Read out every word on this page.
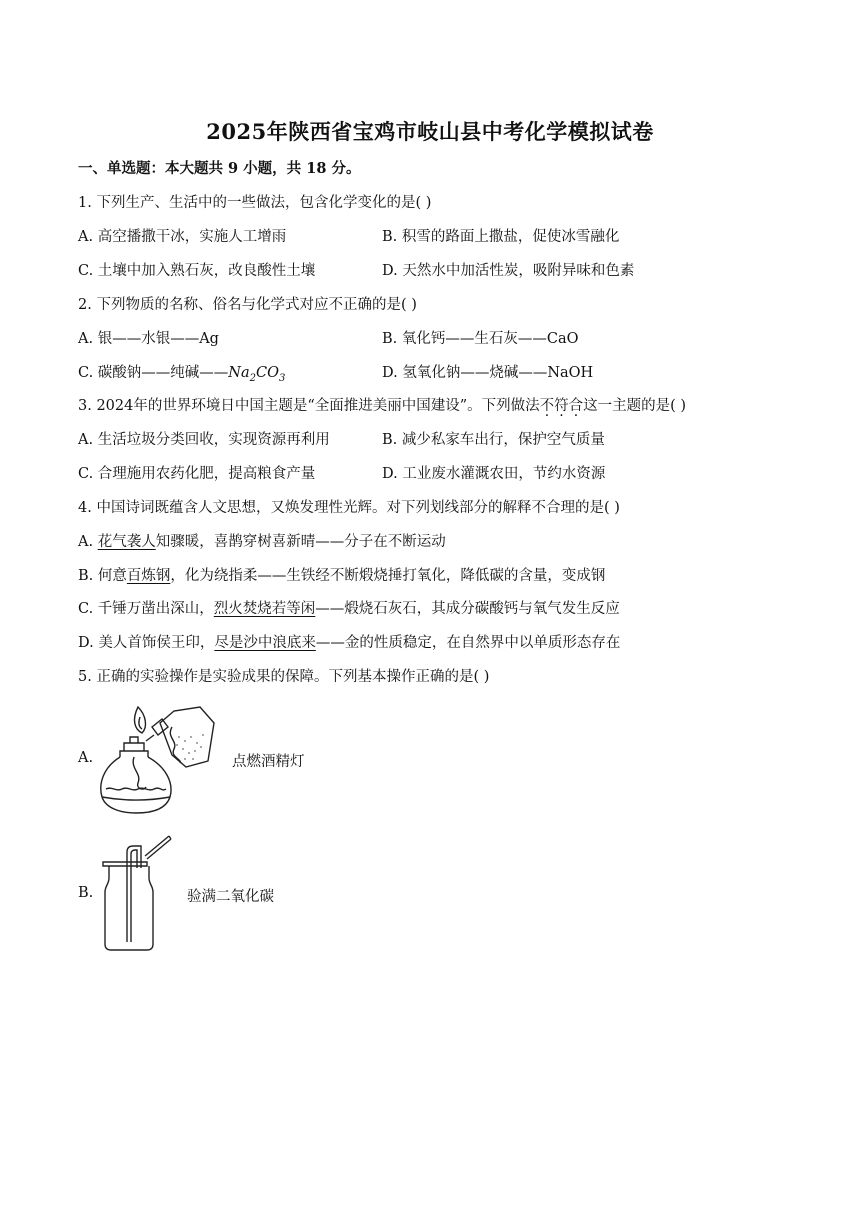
2025年陕西省宝鸡市岐山县中考化学模拟试卷
一、单选题：本大题共 9 小题，共 18 分。
1. 下列生产、生活中的一些做法，包含化学变化的是( )
A. 高空播撒干冰，实施人工增雨	B. 积雪的路面上撒盐，促使冰雪融化
C. 土壤中加入熟石灰，改良酸性土壤	D. 天然水中加活性炭，吸附异味和色素
2. 下列物质的名称、俗名与化学式对应不正确的是( )
A. 银——水银——Ag	B. 氧化钙——生石灰——CaO
C. 碳酸钠——纯碱$——Na_2CO_3$	D. 氢氧化钠——烧碱——NaOH
3. 2024年的世界环境日中国主题是“全面推进美丽中国建设”。下列做法不符合这一主题的是( )
A. 生活垃圾分类回收，实现资源再利用	B. 减少私家车出行，保护空气质量
C. 合理施用农药化肥，提高粮食产量	D. 工业废水灌溉农田，节约水资源
4. 中国诗词既蕴含人文思想，又焕发理性光辉。对下列划线部分的解释不合理的是( )
A. 花气袭人知骤暖，喜鹊穿树喜新晴——分子在不断运动
B. 何意百炼钢，化为绕指柔——生铁经不断煅烧捶打氧化，降低碳的含量，变成钢
C. 千锤万凿出深山，烈火焚烧若等闲——煅烧石灰石，其成分碳酸钙与氧气发生反应
D. 美人首饰侯王印，尽是沙中浪底来——金的性质稳定，在自然界中以单质形态存在
5. 正确的实验操作是实验成果的保障。下列基本操作正确的是( )
A.	点燃酒精灯
B.	验满二氧化碳
